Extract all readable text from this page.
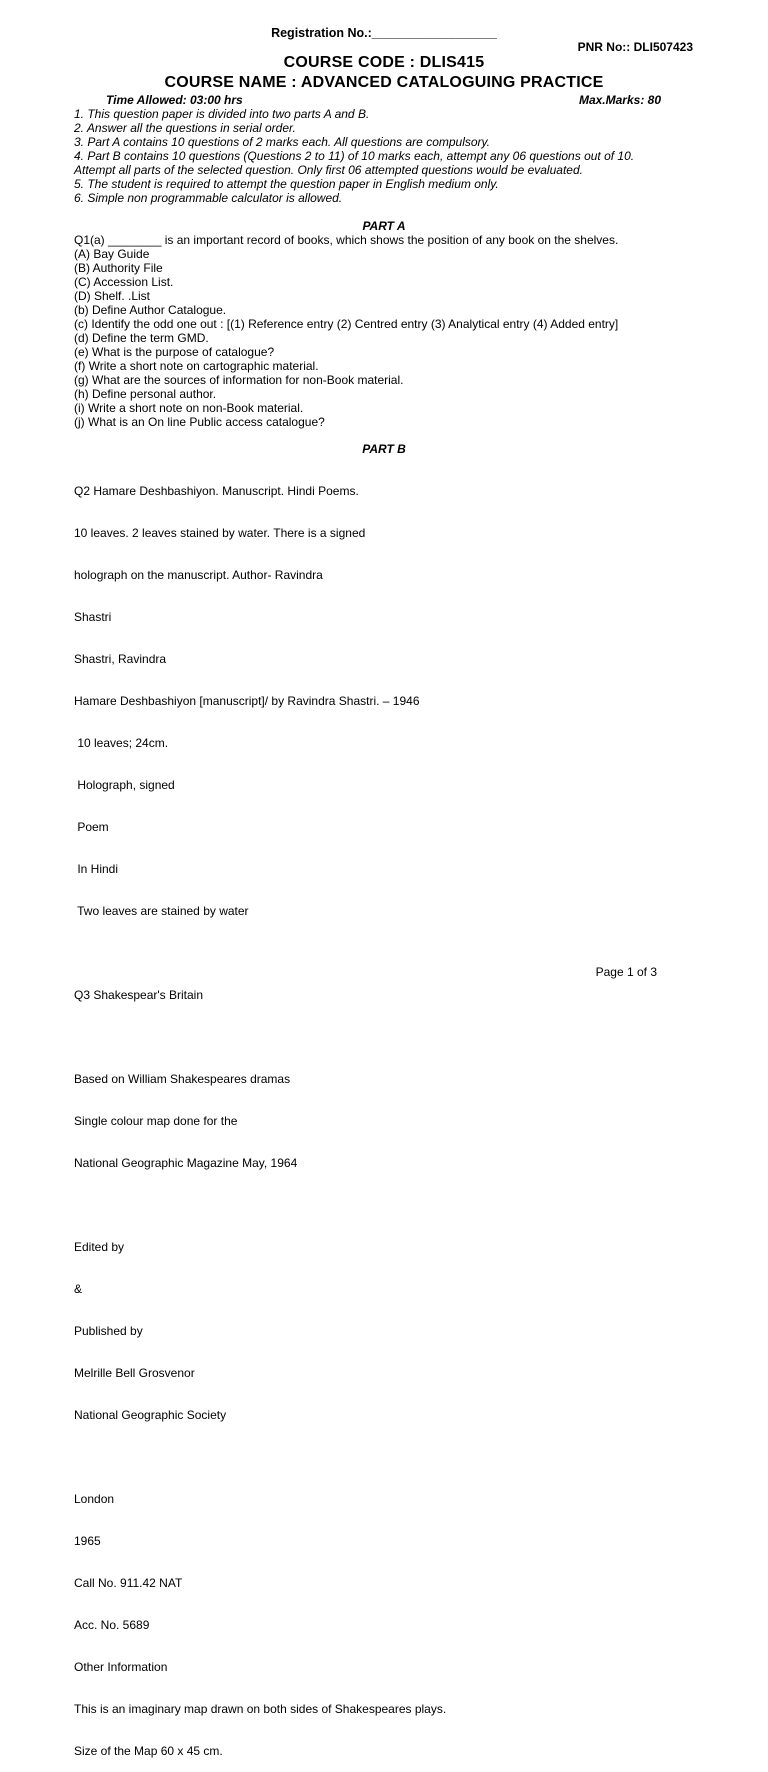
Registration No.:__________________
PNR No:: DLI507423
COURSE CODE : DLIS415
COURSE NAME : ADVANCED CATALOGUING PRACTICE
Time Allowed: 03:00 hrs	Max.Marks: 80
1. This question paper is divided into two parts A and B.
2. Answer all the questions in serial order.
3. Part A contains 10 questions of 2 marks each. All questions are compulsory.
4. Part B contains 10 questions (Questions 2 to 11) of 10 marks each, attempt any 06 questions out of 10.
Attempt all parts of the selected question. Only first 06 attempted questions would be evaluated.
5. The student is required to attempt the question paper in English medium only.
6. Simple non programmable calculator is allowed.
PART A
Q1(a) ________ is an important record of books, which shows the position of any book on the shelves.
(A) Bay Guide
(B) Authority File
(C) Accession List.
(D) Shelf. .List
(b) Define Author Catalogue.
(c) Identify the odd one out : [(1) Reference entry (2) Centred entry (3) Analytical entry (4) Added entry]
(d) Define the term GMD.
(e) What is the purpose of catalogue?
(f) Write a short note on cartographic material.
(g) What are the sources of information for non-Book material.
(h) Define personal author.
(i) Write a short note on non-Book material.
(j) What is an On line Public access catalogue?
PART B

Q2 Hamare Deshbashiyon. Manuscript. Hindi Poems.

10 leaves. 2 leaves stained by water. There is a signed

holograph on the manuscript. Author- Ravindra

Shastri

Shastri, Ravindra

Hamare Deshbashiyon [manuscript]/ by Ravindra Shastri. – 1946

10 leaves; 24cm.

Holograph, signed

Poem

In Hindi

Two leaves are stained by water

Q3 Shakespear's Britain

Based on William Shakespeares dramas

Single colour map done for the

National Geographic Magazine May, 1964

Edited by

&

Published by

Melrille Bell Grosvenor

National Geographic Society

London

1965

Call No. 911.42 NAT

Acc. No. 5689

Other Information

This is an imaginary map drawn on both sides of Shakespeares plays.

Size of the Map 60 x 45 cm.

Page 1 of 3
